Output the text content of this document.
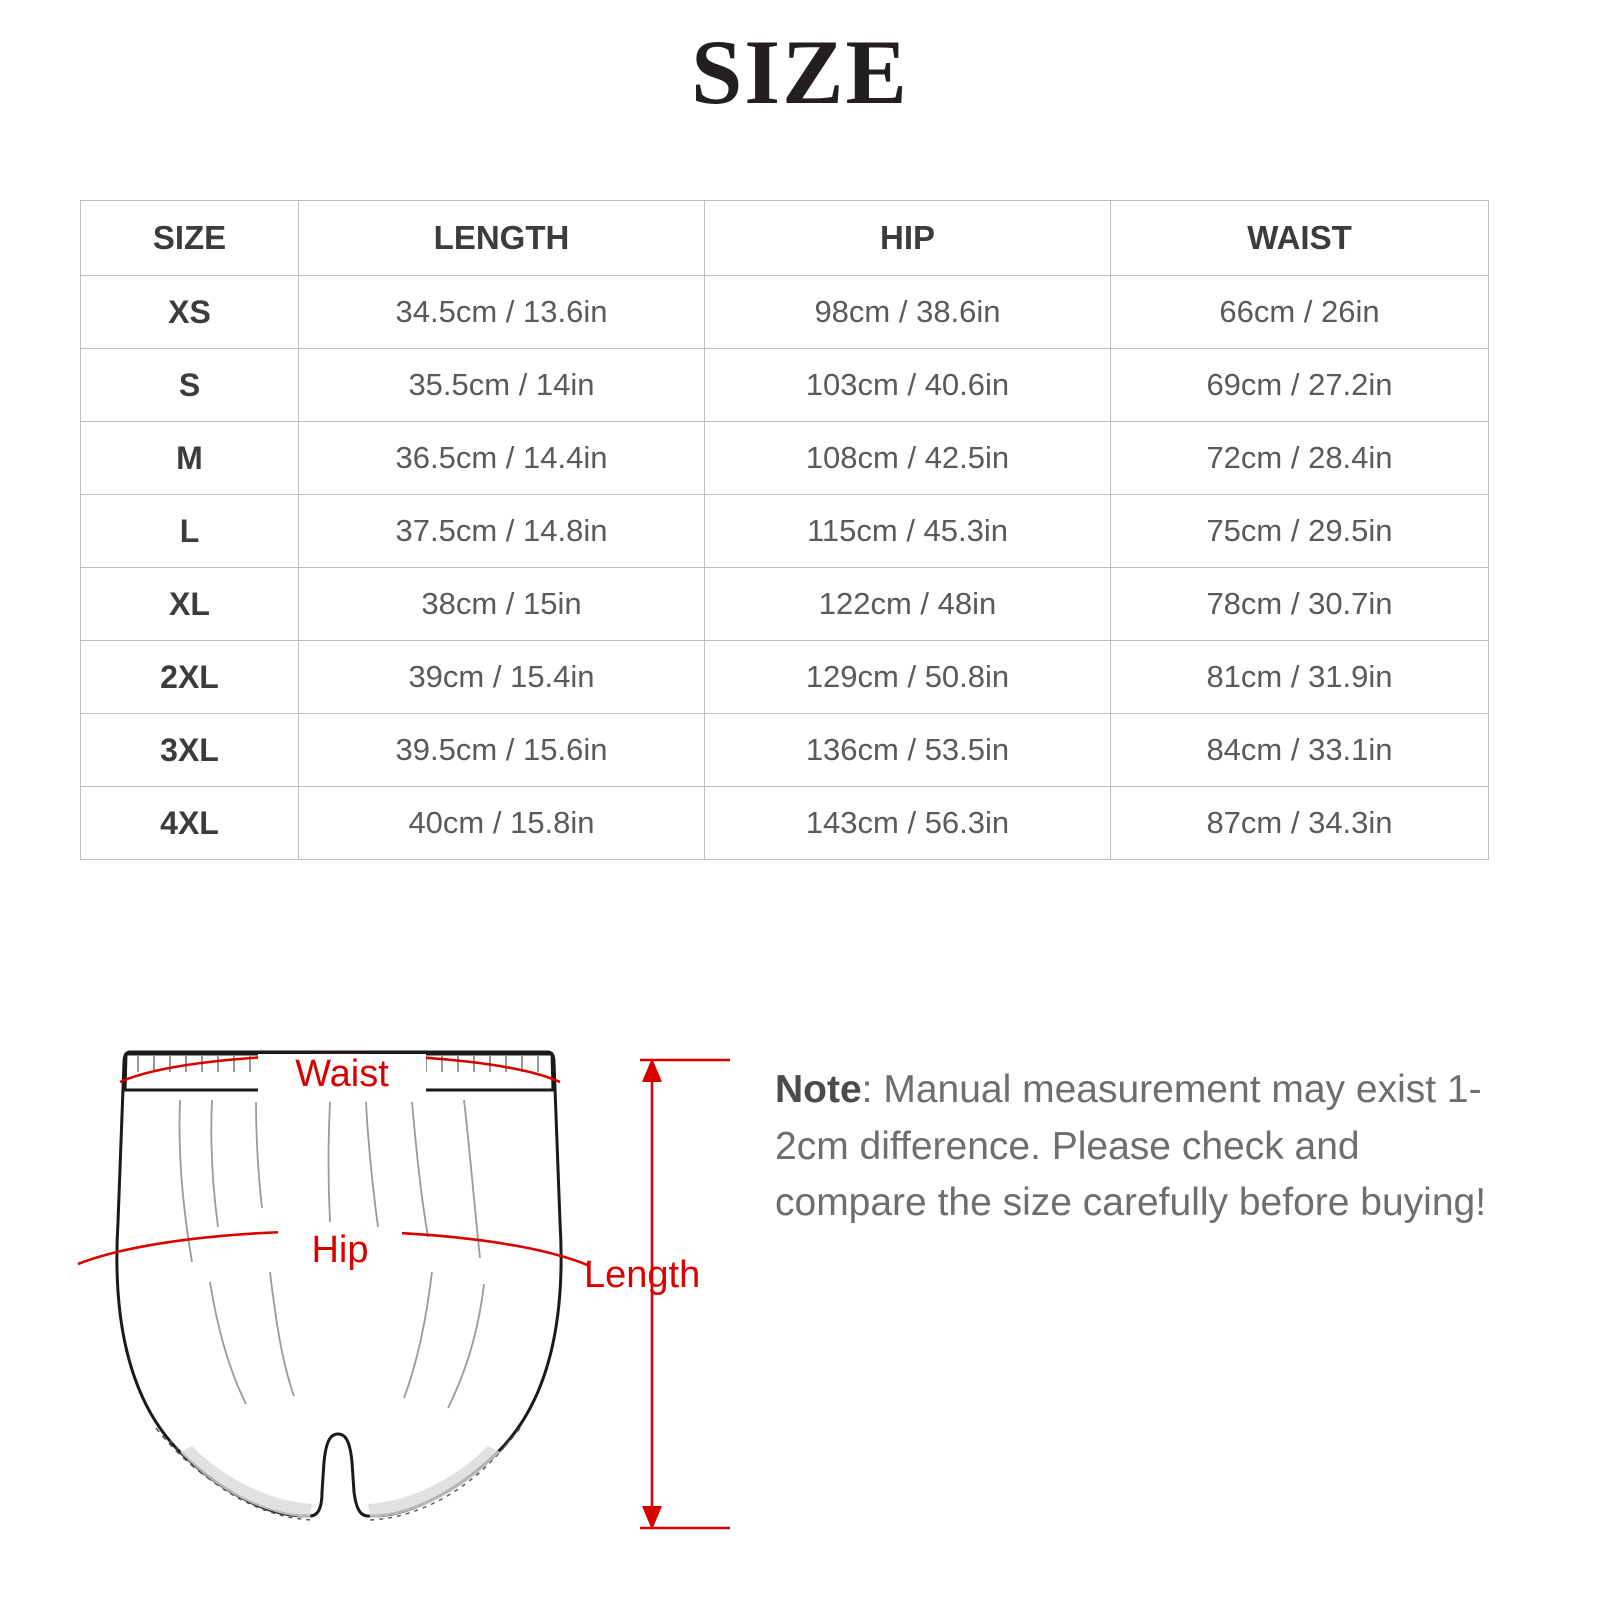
SIZE
SIZE	LENGTH	HIP	WAIST
XS	34.5cm / 13.6in	98cm / 38.6in	66cm / 26in
S	35.5cm / 14in	103cm / 40.6in	69cm / 27.2in
M	36.5cm / 14.4in	108cm / 42.5in	72cm / 28.4in
L	37.5cm / 14.8in	115cm / 45.3in	75cm / 29.5in
XL	38cm / 15in	122cm / 48in	78cm / 30.7in
2XL	39cm / 15.4in	129cm / 50.8in	81cm / 31.9in
3XL	39.5cm / 15.6in	136cm / 53.5in	84cm / 33.1in
4XL	40cm / 15.8in	143cm / 56.3in	87cm / 34.3in
Waist
Hip
Length
Note: Manual measurement may exist 1-2cm difference. Please check and compare the size carefully before buying!
